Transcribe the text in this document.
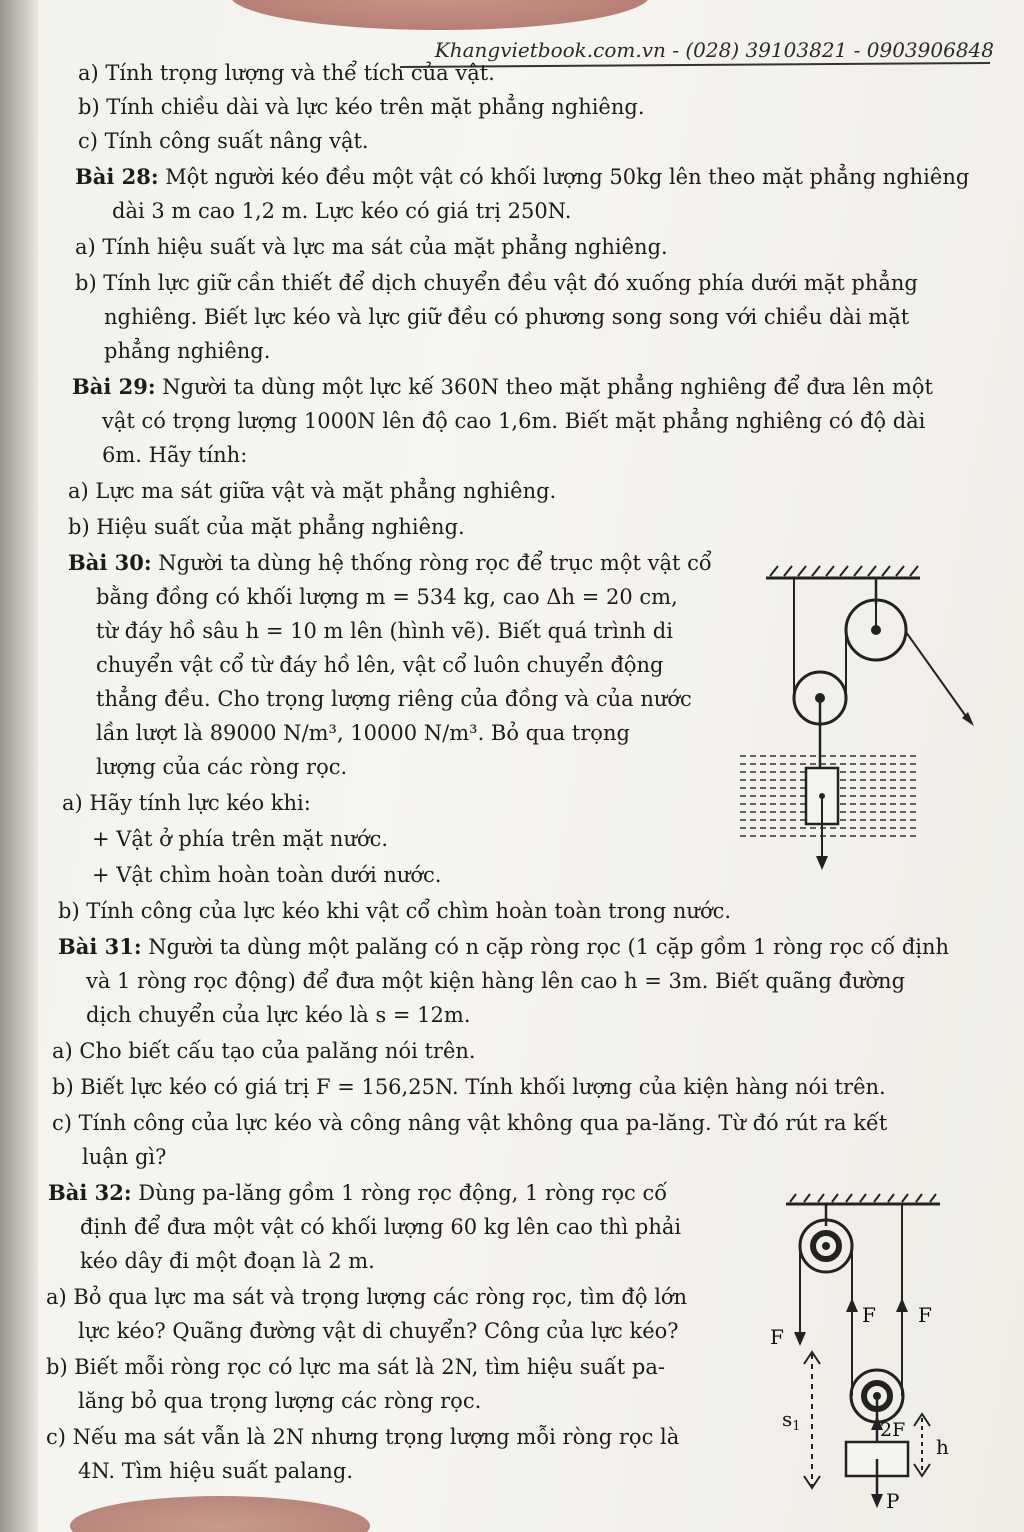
Khangvietbook.com.vn - (028) 39103821 - 0903906848
a) Tính trọng lượng và thể tích của vật.
b) Tính chiều dài và lực kéo trên mặt phẳng nghiêng.
c) Tính công suất nâng vật.
Bài 28: Một người kéo đều một vật có khối lượng 50kg lên theo mặt phẳng nghiêng
dài 3 m cao 1,2 m. Lực kéo có giá trị 250N.
a) Tính hiệu suất và lực ma sát của mặt phẳng nghiêng.
b) Tính lực giữ cần thiết để dịch chuyển đều vật đó xuống phía dưới mặt phẳng
nghiêng. Biết lực kéo và lực giữ đều có phương song song với chiều dài mặt
phẳng nghiêng.
Bài 29: Người ta dùng một lực kế 360N theo mặt phẳng nghiêng để đưa lên một
vật có trọng lượng 1000N lên độ cao 1,6m. Biết mặt phẳng nghiêng có độ dài
6m. Hãy tính:
a) Lực ma sát giữa vật và mặt phẳng nghiêng.
b) Hiệu suất của mặt phẳng nghiêng.
Bài 30: Người ta dùng hệ thống ròng rọc để trục một vật cổ
bằng đồng có khối lượng m = 534 kg, cao Δh = 20 cm,
từ đáy hồ sâu h = 10 m lên (hình vẽ). Biết quá trình di
chuyển vật cổ từ đáy hồ lên, vật cổ luôn chuyển động
thẳng đều. Cho trọng lượng riêng của đồng và của nước
lần lượt là 89000 N/m³, 10000 N/m³. Bỏ qua trọng
lượng của các ròng rọc.
a) Hãy tính lực kéo khi:
+ Vật ở phía trên mặt nước.
+ Vật chìm hoàn toàn dưới nước.
b) Tính công của lực kéo khi vật cổ chìm hoàn toàn trong nước.
Bài 31: Người ta dùng một palăng có n cặp ròng rọc (1 cặp gồm 1 ròng rọc cố định
và 1 ròng rọc động) để đưa một kiện hàng lên cao h = 3m. Biết quãng đường
dịch chuyển của lực kéo là s = 12m.
a) Cho biết cấu tạo của palăng nói trên.
b) Biết lực kéo có giá trị F = 156,25N. Tính khối lượng của kiện hàng nói trên.
c) Tính công của lực kéo và công nâng vật không qua pa-lăng. Từ đó rút ra kết
luận gì?
Bài 32: Dùng pa-lăng gồm 1 ròng rọc động, 1 ròng rọc cố
định để đưa một vật có khối lượng 60 kg lên cao thì phải
kéo dây đi một đoạn là 2 m.
a) Bỏ qua lực ma sát và trọng lượng các ròng rọc, tìm độ lớn
lực kéo? Quãng đường vật di chuyển? Công của lực kéo?
b) Biết mỗi ròng rọc có lực ma sát là 2N, tìm hiệu suất pa-
lăng bỏ qua trọng lượng các ròng rọc.
c) Nếu ma sát vẫn là 2N nhưng trọng lượng mỗi ròng rọc là
4N. Tìm hiệu suất palang.
F
F F
$s_1$	2F
P
h
